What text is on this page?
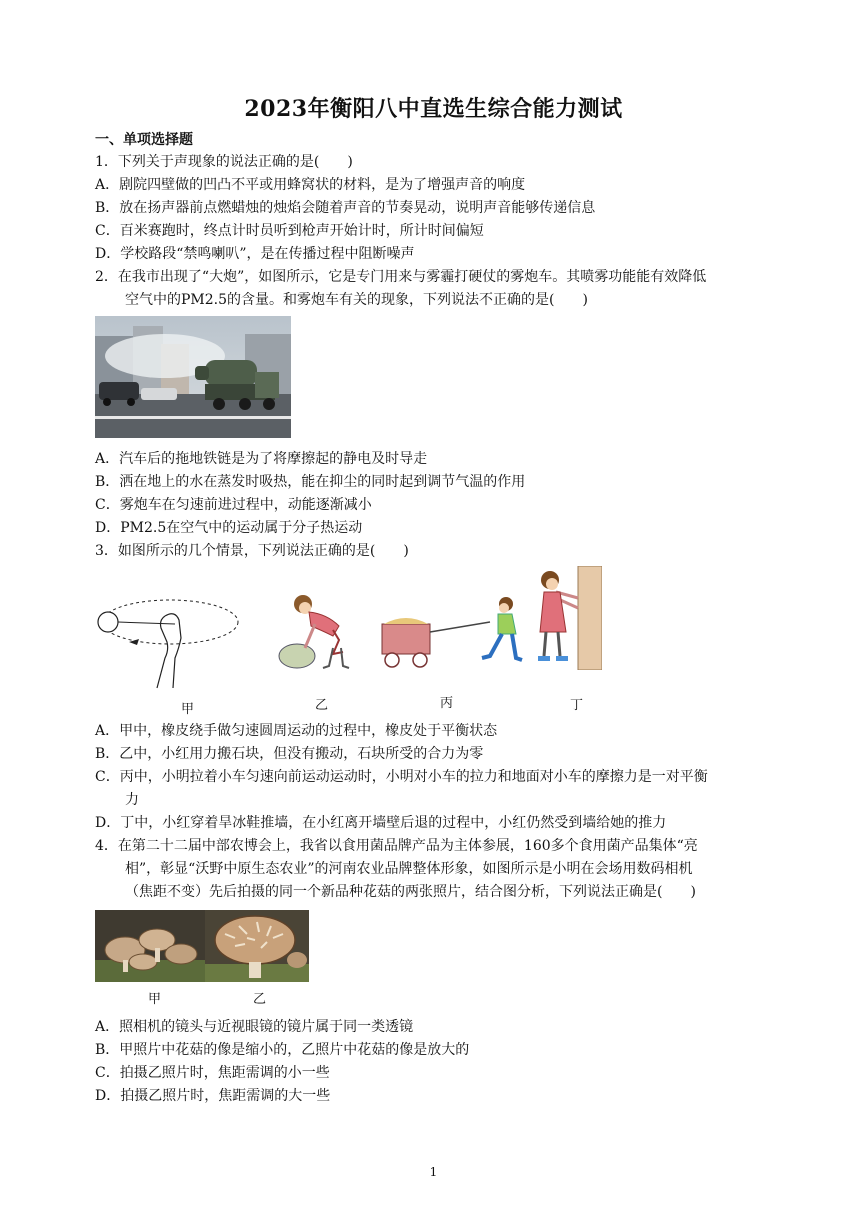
2023年衡阳八中直选生综合能力测试
一、单项选择题
1．下列关于声现象的说法正确的是(　　)
A．剧院四壁做的凹凸不平或用蜂窝状的材料，是为了增强声音的响度
B．放在扬声器前点燃蜡烛的烛焰会随着声音的节奏晃动，说明声音能够传递信息
C．百米赛跑时，终点计时员听到枪声开始计时，所计时间偏短
D．学校路段“禁鸣喇叭”，是在传播过程中阻断噪声
2．在我市出现了“大炮”，如图所示，它是专门用来与雾霾打硬仗的雾炮车。其喷雾功能能有效降低
空气中的PM2.5的含量。和雾炮车有关的现象，下列说法不正确的是(　　)
A．汽车后的拖地铁链是为了将摩擦起的静电及时导走
B．洒在地上的水在蒸发时吸热，能在抑尘的同时起到调节气温的作用
C．雾炮车在匀速前进过程中，动能逐渐减小
D．PM2.5在空气中的运动属于分子热运动
3．如图所示的几个情景，下列说法正确的是(　　)
甲	乙	丙	丁
A．甲中，橡皮绕手做匀速圆周运动的过程中，橡皮处于平衡状态
B．乙中，小红用力搬石块，但没有搬动，石块所受的合力为零
C．丙中，小明拉着小车匀速向前运动运动时，小明对小车的拉力和地面对小车的摩擦力是一对平衡
力
D．丁中，小红穿着旱冰鞋推墙，在小红离开墙壁后退的过程中，小红仍然受到墙给她的推力
4．在第二十二届中部农博会上，我省以食用菌品牌产品为主体参展，160多个食用菌产品集体“亮
相”，彰显“沃野中原生态农业”的河南农业品牌整体形象，如图所示是小明在会场用数码相机
（焦距不变）先后拍摄的同一个新品种花菇的两张照片，结合图分析，下列说法正确是(　　)
甲	乙
A．照相机的镜头与近视眼镜的镜片属于同一类透镜
B．甲照片中花菇的像是缩小的，乙照片中花菇的像是放大的
C．拍摄乙照片时，焦距需调的小一些
D．拍摄乙照片时，焦距需调的大一些
1
